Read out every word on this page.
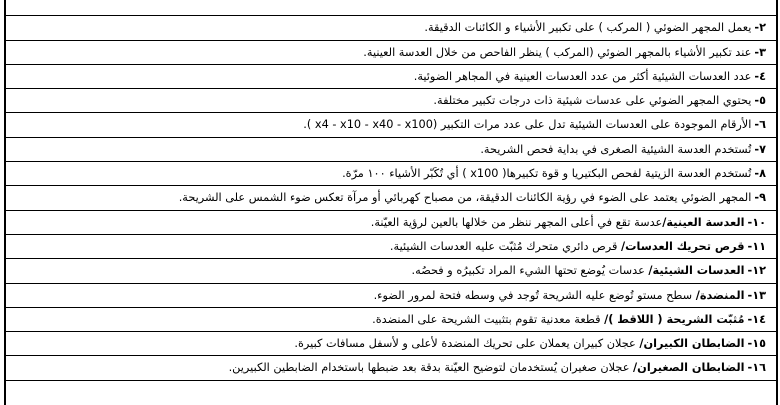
٢-يعمل المجهر الضوئي ( المركب ) على تكبير الأشياء و الكائنات الدقيقة.
٣-عند تكبير الأشياء بالمجهر الضوئي (المركب ) ينظر الفاحص من خلال العدسة العينية.
٤-عدد العدسات الشيئية أكثر من عدد العدسات العينية في المجاهر الضوئية.
٥-يحتوي المجهر الضوئي على عدسات شيئية ذات درجات تكبير مختلفة.
٦-الأرقام الموجودة على العدسات الشيئية تدل على عدد مرات التكبير (x4 - x10 - x40 - x100 ).
٧-تُستخدم العدسة الشيئية الصغرى في بداية فحص الشريحة.
٨-تُستخدم العدسة الزيتية لفحص البكتيريا و قوة تكبيرها( x100 ) أي تُكَبّر الأشياء ١٠٠ مرّة.
٩-المجهر الضوئي يعتمد على الضوء في رؤية الكائنات الدقيقة، من مصباح كهربائي أو مرآة تعكس ضوء الشمس على الشريحة.
١٠-العدسة العينية/عدسة تقع في أعلى المجهر ننظر من خلالها بالعين لرؤية العيّنة.
١١-قرص تحريك العدسات/ قرص دائري متحرك مُثبّت عليه العدسات الشيئية.
١٢-العدسات الشيئية/ عدسات يُوضع تحتها الشيء المراد تكبيرُه و فحصُه.
١٣-المنضدة/ سطح مستو تُوضع عليه الشريحة تُوجد في وسطه فتحة لمرور الضوء.
١٤-مُثبّت الشريحة ( اللاقط )/ قطعة معدنية تقوم بتثبيت الشريحة على المنضدة.
١٥-الضابطان الكبيران/ عجلان كبيران يعملان على تحريك المنضدة لأعلى و لأسفل مسافات كبيرة.
١٦-الضابطان الصغيران/ عجلان صغيران يُستخدمان لتوضيح العيّنة بدقة بعد ضبطها باستخدام الضابطين الكبيرين.
